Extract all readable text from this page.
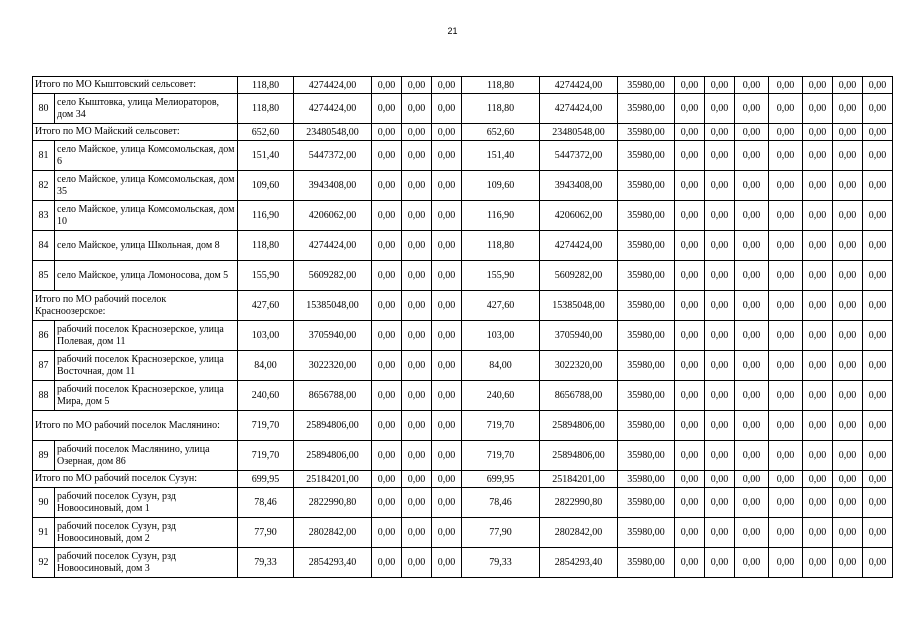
21
Итого по МО Кыштовский сельсовет:		118,80	4274424,00	0,00	0,00	0,00	118,80	4274424,00	35980,00	0,00	0,00	0,00	0,00	0,00	0,00	0,00
80	село Кыштовка, улица Мелиораторов, дом 34	118,80	4274424,00	0,00	0,00	0,00	118,80	4274424,00	35980,00	0,00	0,00	0,00	0,00	0,00	0,00	0,00
Итого по МО Майский сельсовет:		652,60	23480548,00	0,00	0,00	0,00	652,60	23480548,00	35980,00	0,00	0,00	0,00	0,00	0,00	0,00	0,00
81	село Майское, улица Комсомольская, дом 6	151,40	5447372,00	0,00	0,00	0,00	151,40	5447372,00	35980,00	0,00	0,00	0,00	0,00	0,00	0,00	0,00
82	село Майское, улица Комсомольская, дом 35	109,60	3943408,00	0,00	0,00	0,00	109,60	3943408,00	35980,00	0,00	0,00	0,00	0,00	0,00	0,00	0,00
83	село Майское, улица Комсомольская, дом 10	116,90	4206062,00	0,00	0,00	0,00	116,90	4206062,00	35980,00	0,00	0,00	0,00	0,00	0,00	0,00	0,00
84	село Майское, улица Школьная, дом 8	118,80	4274424,00	0,00	0,00	0,00	118,80	4274424,00	35980,00	0,00	0,00	0,00	0,00	0,00	0,00	0,00
85	село Майское, улица Ломоносова, дом 5	155,90	5609282,00	0,00	0,00	0,00	155,90	5609282,00	35980,00	0,00	0,00	0,00	0,00	0,00	0,00	0,00
Итого по МО рабочий поселок Красноозерское:		427,60	15385048,00	0,00	0,00	0,00	427,60	15385048,00	35980,00	0,00	0,00	0,00	0,00	0,00	0,00	0,00
86	рабочий поселок Краснозерское, улица Полевая, дом 11	103,00	3705940,00	0,00	0,00	0,00	103,00	3705940,00	35980,00	0,00	0,00	0,00	0,00	0,00	0,00	0,00
87	рабочий поселок Краснозерское, улица Восточная, дом 11	84,00	3022320,00	0,00	0,00	0,00	84,00	3022320,00	35980,00	0,00	0,00	0,00	0,00	0,00	0,00	0,00
88	рабочий поселок Краснозерское, улица Мира, дом 5	240,60	8656788,00	0,00	0,00	0,00	240,60	8656788,00	35980,00	0,00	0,00	0,00	0,00	0,00	0,00	0,00
Итого по МО рабочий поселок Маслянино:		719,70	25894806,00	0,00	0,00	0,00	719,70	25894806,00	35980,00	0,00	0,00	0,00	0,00	0,00	0,00	0,00
89	рабочий поселок Маслянино, улица Озерная, дом 86	719,70	25894806,00	0,00	0,00	0,00	719,70	25894806,00	35980,00	0,00	0,00	0,00	0,00	0,00	0,00	0,00
Итого по МО рабочий поселок Сузун:		699,95	25184201,00	0,00	0,00	0,00	699,95	25184201,00	35980,00	0,00	0,00	0,00	0,00	0,00	0,00	0,00
90	рабочий поселок Сузун, рзд Новоосиновый, дом 1	78,46	2822990,80	0,00	0,00	0,00	78,46	2822990,80	35980,00	0,00	0,00	0,00	0,00	0,00	0,00	0,00
91	рабочий поселок Сузун, рзд Новоосиновый, дом 2	77,90	2802842,00	0,00	0,00	0,00	77,90	2802842,00	35980,00	0,00	0,00	0,00	0,00	0,00	0,00	0,00
92	рабочий поселок Сузун, рзд Новоосиновый, дом 3	79,33	2854293,40	0,00	0,00	0,00	79,33	2854293,40	35980,00	0,00	0,00	0,00	0,00	0,00	0,00	0,00
